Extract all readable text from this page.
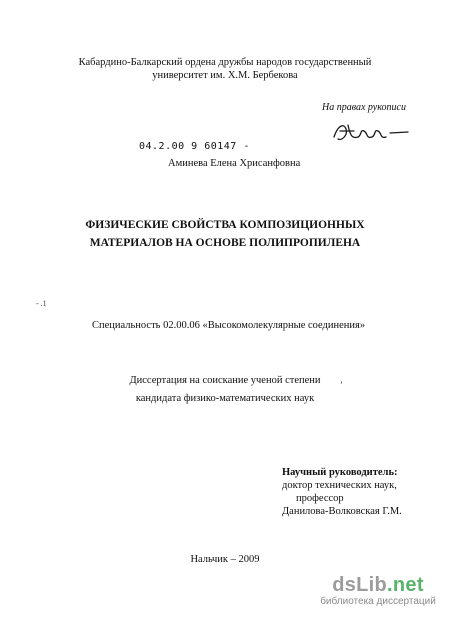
Кабардино-Балкарский ордена дружбы народов государственный
университет им. Х.М. Бербекова
На правах рукописи
04.2.00 9 60147 ‑
Аминева Елена Хрисанфовна
ФИЗИЧЕСКИЕ СВОЙСТВА КОМПОЗИЦИОННЫХ
МАТЕРИАЛОВ НА ОСНОВЕ ПОЛИПРОПИЛЕНА
- .1
Специальность 02.00.06 «Высокомолекулярные соединения»
Диссертация на соискание ученой степени
кандидата физико-математических наук
ʼ
Научный руководитель:
доктор технических наук,
профессор
Данилова-Волковская Г.М.
Нальчик – 2009
dsLib.net
библиотека диссертаций
